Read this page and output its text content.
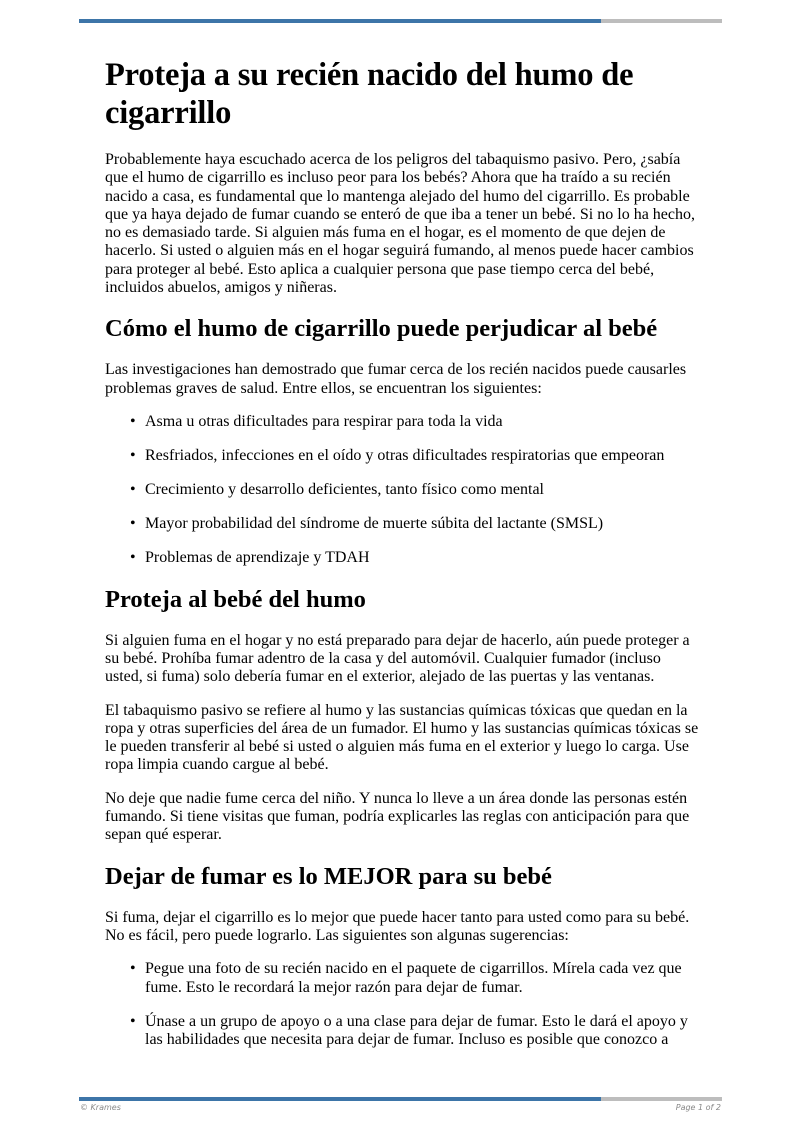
Proteja a su recién nacido del humo de cigarrillo

Probablemente haya escuchado acerca de los peligros del tabaquismo pasivo. Pero, ¿sabía que el humo de cigarrillo es incluso peor para los bebés? Ahora que ha traído a su recién nacido a casa, es fundamental que lo mantenga alejado del humo del cigarrillo. Es probable que ya haya dejado de fumar cuando se enteró de que iba a tener un bebé. Si no lo ha hecho, no es demasiado tarde. Si alguien más fuma en el hogar, es el momento de que dejen de hacerlo. Si usted o alguien más en el hogar seguirá fumando, al menos puede hacer cambios para proteger al bebé. Esto aplica a cualquier persona que pase tiempo cerca del bebé, incluidos abuelos, amigos y niñeras.

Cómo el humo de cigarrillo puede perjudicar al bebé

Las investigaciones han demostrado que fumar cerca de los recién nacidos puede causarles problemas graves de salud. Entre ellos, se encuentran los siguientes:

• Asma u otras dificultades para respirar para toda la vida
• Resfriados, infecciones en el oído y otras dificultades respiratorias que empeoran
• Crecimiento y desarrollo deficientes, tanto físico como mental
• Mayor probabilidad del síndrome de muerte súbita del lactante (SMSL)
• Problemas de aprendizaje y TDAH
Proteja al bebé del humo

Si alguien fuma en el hogar y no está preparado para dejar de hacerlo, aún puede proteger a su bebé. Prohíba fumar adentro de la casa y del automóvil. Cualquier fumador (incluso usted, si fuma) solo debería fumar en el exterior, alejado de las puertas y las ventanas.

El tabaquismo pasivo se refiere al humo y las sustancias químicas tóxicas que quedan en la ropa y otras superficies del área de un fumador. El humo y las sustancias químicas tóxicas se le pueden transferir al bebé si usted o alguien más fuma en el exterior y luego lo carga. Use ropa limpia cuando cargue al bebé.

No deje que nadie fume cerca del niño. Y nunca lo lleve a un área donde las personas estén fumando. Si tiene visitas que fuman, podría explicarles las reglas con anticipación para que sepan qué esperar.

Dejar de fumar es lo MEJOR para su bebé

Si fuma, dejar el cigarrillo es lo mejor que puede hacer tanto para usted como para su bebé. No es fácil, pero puede lograrlo. Las siguientes son algunas sugerencias:

• Pegue una foto de su recién nacido en el paquete de cigarrillos. Mírela cada vez que fume. Esto le recordará la mejor razón para dejar de fumar.
• Únase a un grupo de apoyo o a una clase para dejar de fumar. Esto le dará el apoyo y las habilidades que necesita para dejar de fumar. Incluso es posible que conozco a
© Krames	Page 1 of 2
